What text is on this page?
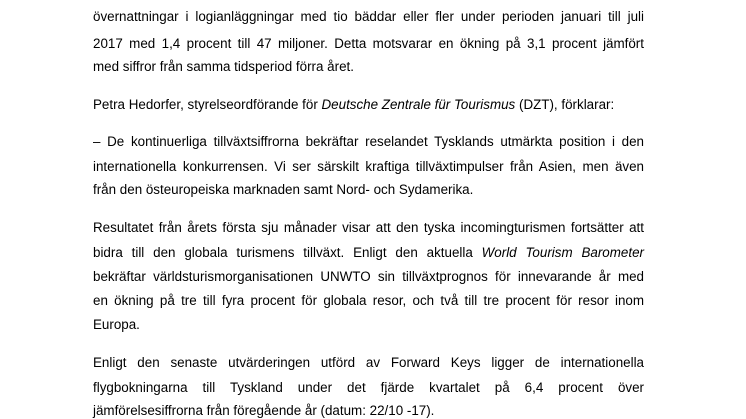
övernattningar i logianläggningar med tio bäddar eller fler under perioden januari till juli
2017 med 1,4 procent till 47 miljoner. Detta motsvarar en ökning på 3,1 procent jämfört
med siffror från samma tidsperiod förra året.
Petra Hedorfer, styrelseordförande för Deutsche Zentrale für Tourismus (DZT), förklarar:
– De kontinuerliga tillväxtsiffrorna bekräftar reselandet Tysklands utmärkta position i den
internationella konkurrensen. Vi ser särskilt kraftiga tillväxtimpulser från Asien, men även
från den östeuropeiska marknaden samt Nord- och Sydamerika.
Resultatet från årets första sju månader visar att den tyska incomingturismen fortsätter att
bidra till den globala turismens tillväxt. Enligt den aktuella World Tourism Barometer
bekräftar världsturismorganisationen UNWTO sin tillväxtprognos för innevarande år med
en ökning på tre till fyra procent för globala resor, och två till tre procent för resor inom
Europa.
Enligt den senaste utvärderingen utförd av Forward Keys ligger de internationella
flygbokningarna till Tyskland under det fjärde kvartalet på 6,4 procent över
jämförelsesiffrorna från föregående år (datum: 22/10 -17).
